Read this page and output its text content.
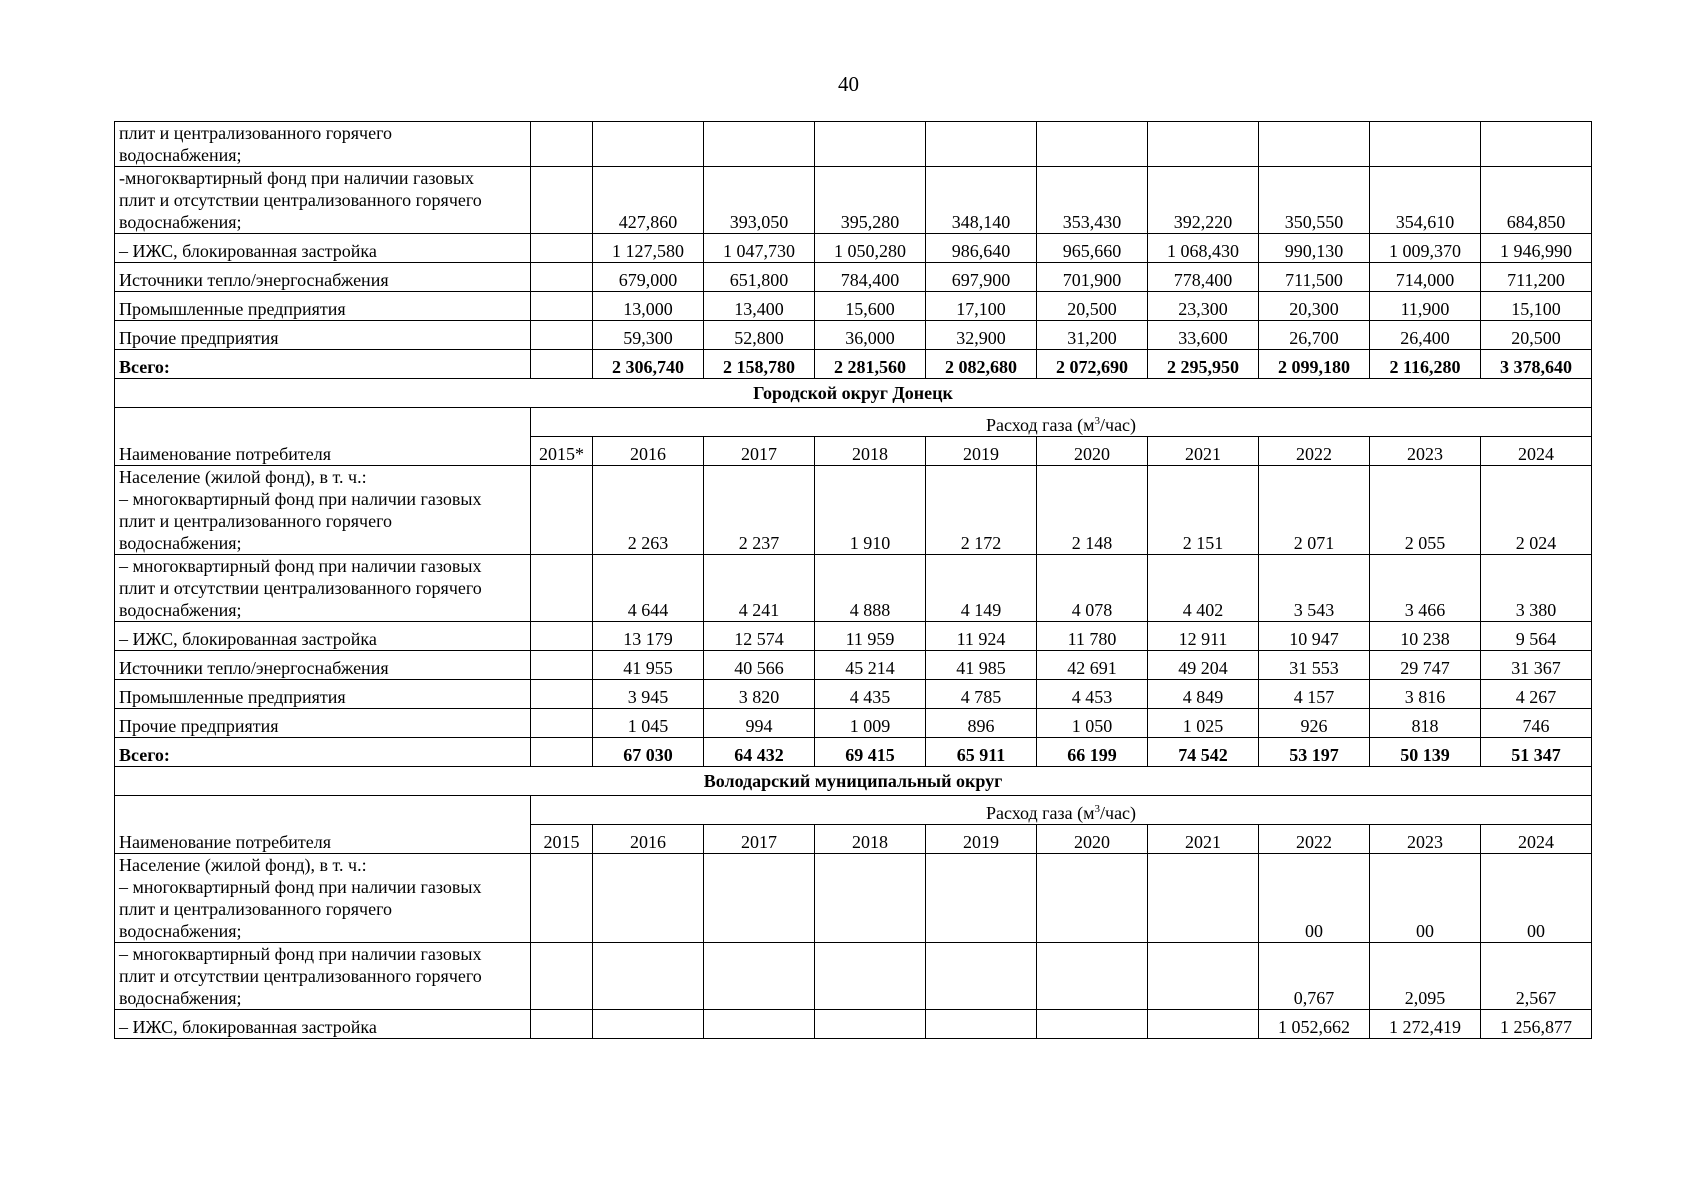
40
плит и централизованного горячего
водоснабжения;										
-многоквартирный фонд при наличии газовых
плит и отсутствии централизованного горячего
водоснабжения;		427,860	393,050	395,280	348,140	353,430	392,220	350,550	354,610	684,850
– ИЖС, блокированная застройка		1 127,580	1 047,730	1 050,280	986,640	965,660	1 068,430	990,130	1 009,370	1 946,990
Источники тепло/энергоснабжения		679,000	651,800	784,400	697,900	701,900	778,400	711,500	714,000	711,200
Промышленные предприятия		13,000	13,400	15,600	17,100	20,500	23,300	20,300	11,900	15,100
Прочие предприятия		59,300	52,800	36,000	32,900	31,200	33,600	26,700	26,400	20,500
Всего:		2 306,740	2 158,780	2 281,560	2 082,680	2 072,690	2 295,950	2 099,180	2 116,280	3 378,640
Городской округ Донецк										
Наименование потребителя	Расход газа $(м^3/час)$									
	2015*	2016	2017	2018	2019	2020	2021	2022	2023	2024
Население (жилой фонд), в т. ч.:
– многоквартирный фонд при наличии газовых
плит и централизованного горячего
водоснабжения;		2 263	2 237	1 910	2 172	2 148	2 151	2 071	2 055	2 024
– многоквартирный фонд при наличии газовых
плит и отсутствии централизованного горячего
водоснабжения;		4 644	4 241	4 888	4 149	4 078	4 402	3 543	3 466	3 380
– ИЖС, блокированная застройка		13 179	12 574	11 959	11 924	11 780	12 911	10 947	10 238	9 564
Источники тепло/энергоснабжения		41 955	40 566	45 214	41 985	42 691	49 204	31 553	29 747	31 367
Промышленные предприятия		3 945	3 820	4 435	4 785	4 453	4 849	4 157	3 816	4 267
Прочие предприятия		1 045	994	1 009	896	1 050	1 025	926	818	746
Всего:		67 030	64 432	69 415	65 911	66 199	74 542	53 197	50 139	51 347
Володарский муниципальный округ										
Наименование потребителя	Расход газа $(м^3/час)$									
	2015	2016	2017	2018	2019	2020	2021	2022	2023	2024
Население (жилой фонд), в т. ч.:
– многоквартирный фонд при наличии газовых
плит и централизованного горячего
водоснабжения;								00	00	00
– многоквартирный фонд при наличии газовых
плит и отсутствии централизованного горячего
водоснабжения;								0,767	2,095	2,567
– ИЖС, блокированная застройка								1 052,662	1 272,419	1 256,877
